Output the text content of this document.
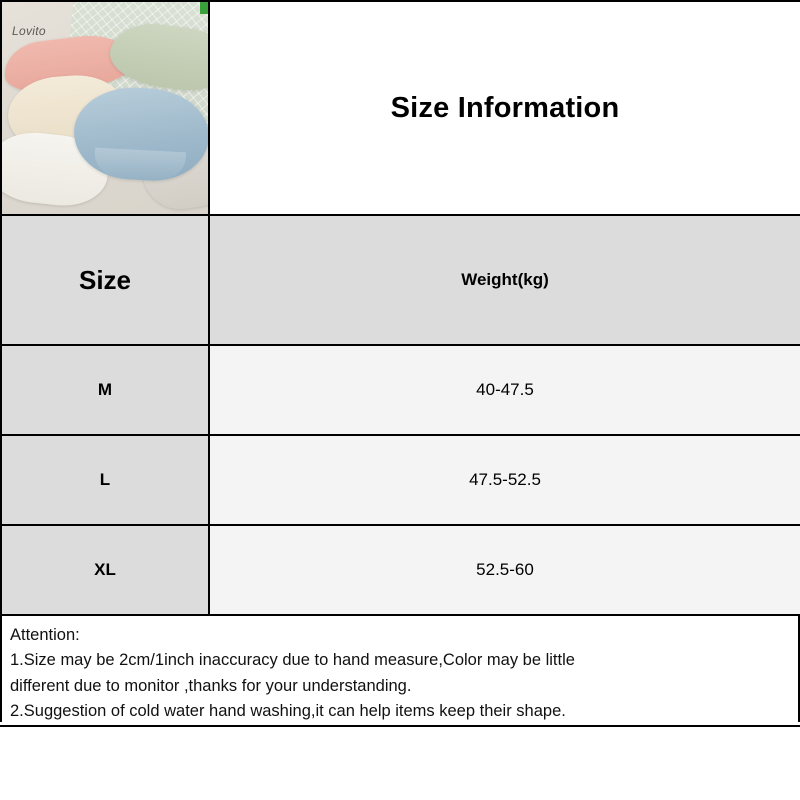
Lovito	Size Information

Size	Weight(kg)
M	40-47.5
L	47.5-52.5
XL	52.5-60

Attention:

1.Size may be 2cm/1inch inaccuracy due to hand measure,Color may be little

different due to monitor ,thanks for your understanding.

2.Suggestion of cold water hand washing,it can help items keep their shape.
